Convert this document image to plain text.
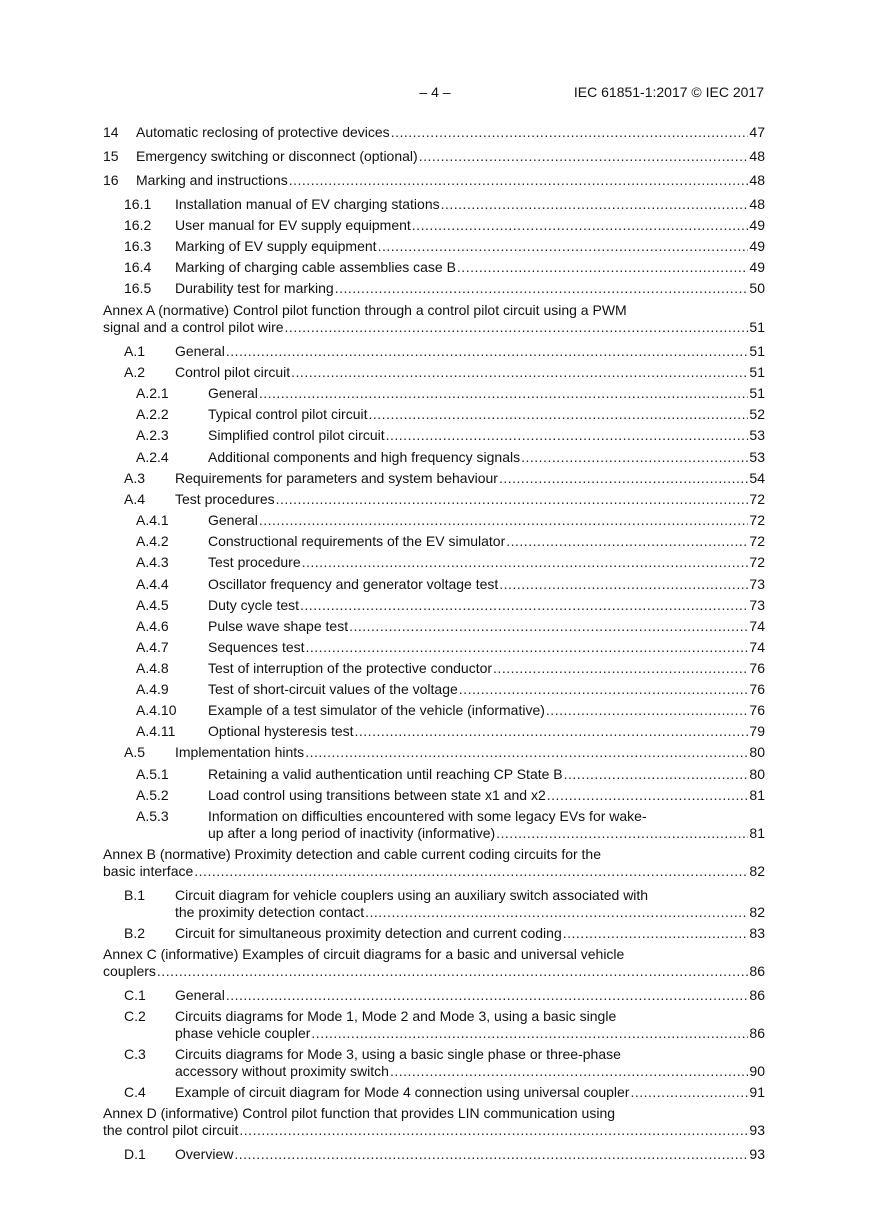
– 4 –	IEC 61851-1:2017 © IEC 2017
14	Automatic reclosing of protective devices .....	47
15	Emergency switching or disconnect (optional) .....	48
16	Marking and instructions .....	48
16.1	Installation manual of EV charging stations .....	48
16.2	User manual for EV supply equipment .....	49
16.3	Marking of EV supply equipment .....	49
16.4	Marking of charging cable assemblies case B .....	49
16.5	Durability test for marking .....	50
Annex A (normative) Control pilot function through a control pilot circuit using a PWM
signal and a control pilot wire .....	51
A.1	General .....	51
A.2	Control pilot circuit .....	51
A.2.1	General .....	51
A.2.2	Typical control pilot circuit .....	52
A.2.3	Simplified control pilot circuit .....	53
A.2.4	Additional components and high frequency signals .....	53
A.3	Requirements for parameters and system behaviour .....	54
A.4	Test procedures .....	72
A.4.1	General .....	72
A.4.2	Constructional requirements of the EV simulator .....	72
A.4.3	Test procedure .....	72
A.4.4	Oscillator frequency and generator voltage test .....	73
A.4.5	Duty cycle test .....	73
A.4.6	Pulse wave shape test .....	74
A.4.7	Sequences test .....	74
A.4.8	Test of interruption of the protective conductor .....	76
A.4.9	Test of short-circuit values of the voltage .....	76
A.4.10	Example of a test simulator of the vehicle (informative) .....	76
A.4.11	Optional hysteresis test .....	79
A.5	Implementation hints .....	80
A.5.1	Retaining a valid authentication until reaching CP State B .....	80
A.5.2	Load control using transitions between state x1 and x2 .....	81
A.5.3	Information on difficulties encountered with some legacy EVs for wake-
up after a long period of inactivity (informative) .....	81
Annex B (normative) Proximity detection and cable current coding circuits for the
basic interface .....	82
B.1	Circuit diagram for vehicle couplers using an auxiliary switch associated with
the proximity detection contact .....	82
B.2	Circuit for simultaneous proximity detection and current coding .....	83
Annex C (informative) Examples of circuit diagrams for a basic and universal vehicle
couplers .....	86
C.1	General .....	86
C.2	Circuits diagrams for Mode 1, Mode 2 and Mode 3, using a basic single
phase vehicle coupler .....	86
C.3	Circuits diagrams for Mode 3, using a basic single phase or three-phase
accessory without proximity switch .....	90
C.4	Example of circuit diagram for Mode 4 connection using universal coupler .....	91
Annex D (informative) Control pilot function that provides LIN communication using
the control pilot circuit .....	93
D.1	Overview .....	93
